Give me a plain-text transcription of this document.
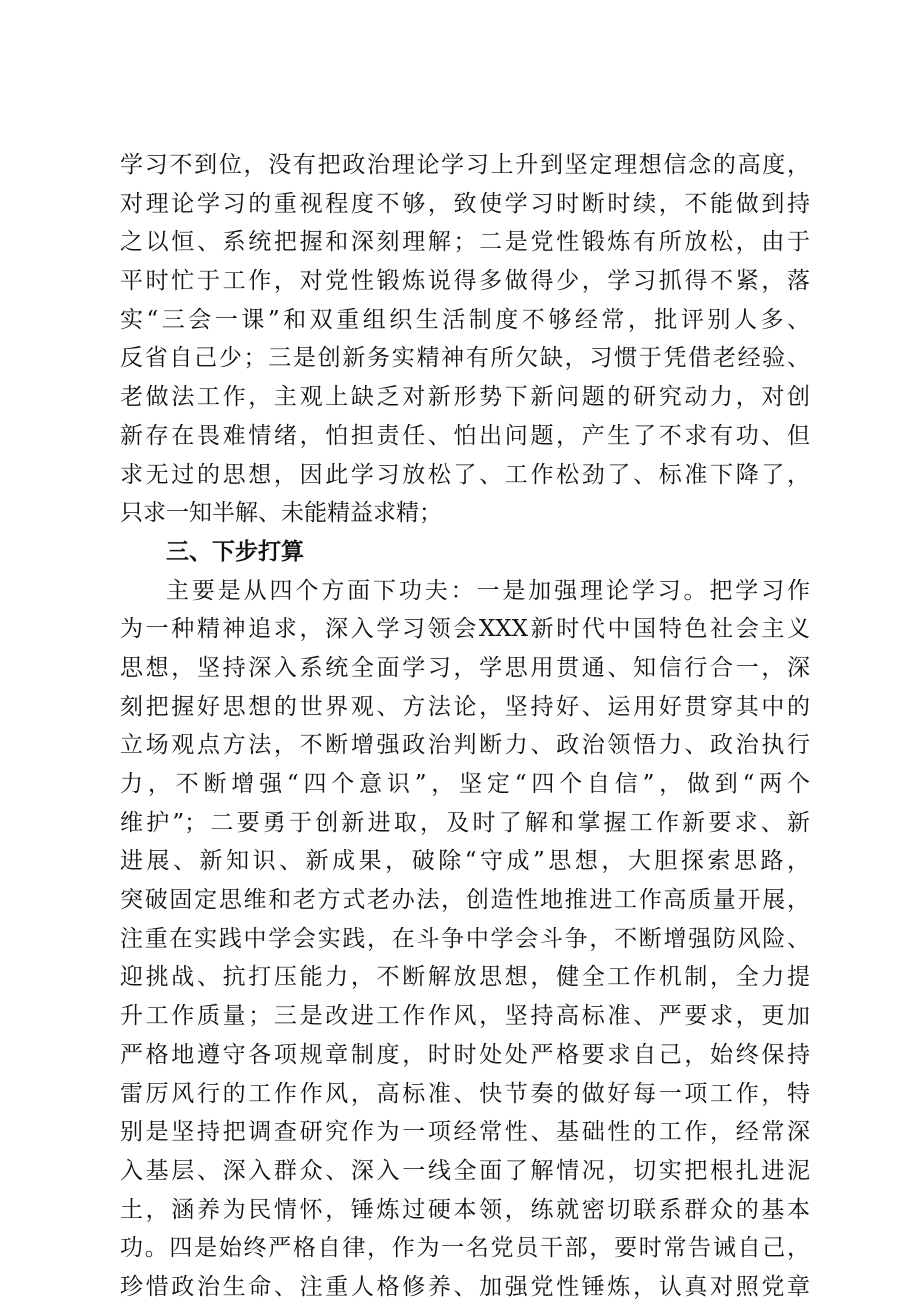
学习不到位，没有把政治理论学习上升到坚定理想信念的高度，
对理论学习的重视程度不够，致使学习时断时续，不能做到持
之以恒、系统把握和深刻理解；二是党性锻炼有所放松，由于
平时忙于工作，对党性锻炼说得多做得少，学习抓得不紧，落
实“三会一课”和双重组织生活制度不够经常，批评别人多、
反省自己少；三是创新务实精神有所欠缺，习惯于凭借老经验、
老做法工作，主观上缺乏对新形势下新问题的研究动力，对创
新存在畏难情绪，怕担责任、怕出问题，产生了不求有功、但
求无过的思想，因此学习放松了、工作松劲了、标准下降了，
只求一知半解、未能精益求精；
三、下步打算
主要是从四个方面下功夫：一是加强理论学习。把学习作
为一种精神追求，深入学习领会XXX新时代中国特色社会主义
思想，坚持深入系统全面学习，学思用贯通、知信行合一，深
刻把握好思想的世界观、方法论，坚持好、运用好贯穿其中的
立场观点方法，不断增强政治判断力、政治领悟力、政治执行
力，不断增强“四个意识”，坚定“四个自信”，做到“两个
维护”；二要勇于创新进取，及时了解和掌握工作新要求、新
进展、新知识、新成果，破除“守成”思想，大胆探索思路，
突破固定思维和老方式老办法，创造性地推进工作高质量开展，
注重在实践中学会实践，在斗争中学会斗争，不断增强防风险、
迎挑战、抗打压能力，不断解放思想，健全工作机制，全力提
升工作质量；三是改进工作作风，坚持高标准、严要求，更加
严格地遵守各项规章制度，时时处处严格要求自己，始终保持
雷厉风行的工作作风，高标准、快节奏的做好每一项工作，特
别是坚持把调查研究作为一项经常性、基础性的工作，经常深
入基层、深入群众、深入一线全面了解情况，切实把根扎进泥
土，涵养为民情怀，锤炼过硬本领，练就密切联系群众的基本
功。四是始终严格自律，作为一名党员干部，要时常告诫自己，
珍惜政治生命、注重人格修养、加强党性锤炼，认真对照党章
